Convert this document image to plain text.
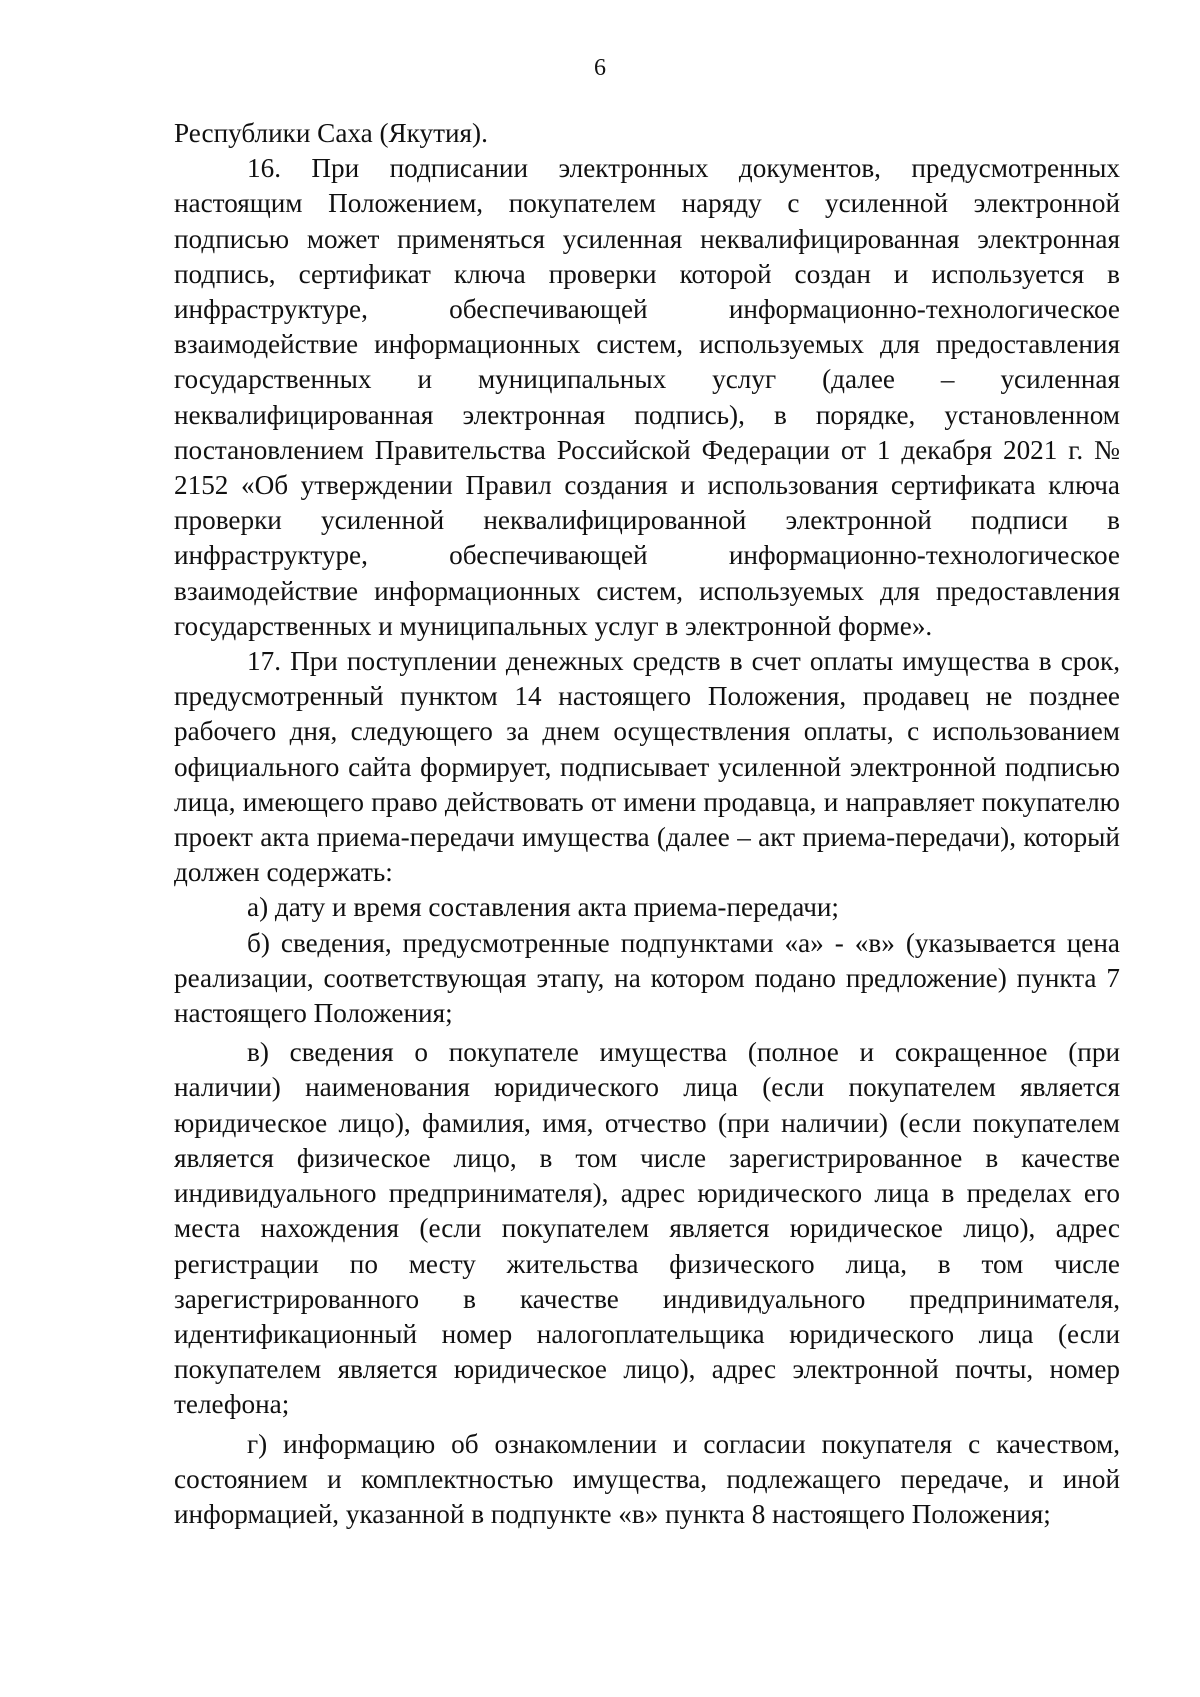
6

Республики Саха (Якутия).

16. При подписании электронных документов, предусмотренных настоящим Положением, покупателем наряду с усиленной электронной подписью может применяться усиленная неквалифицированная электронная подпись, сертификат ключа проверки которой создан и используется в инфраструктуре, обеспечивающей информационно-технологическое взаимодействие информационных систем, используемых для предоставления государственных и муниципальных услуг (далее – усиленная неквалифицированная электронная подпись), в порядке, установленном постановлением Правительства Российской Федерации от 1 декабря 2021 г. № 2152 «Об утверждении Правил создания и использования сертификата ключа проверки усиленной неквалифицированной электронной подписи в инфраструктуре, обеспечивающей информационно-технологическое взаимодействие информационных систем, используемых для предоставления государственных и муниципальных услуг в электронной форме».

17. При поступлении денежных средств в счет оплаты имущества в срок, предусмотренный пунктом 14 настоящего Положения, продавец не позднее рабочего дня, следующего за днем осуществления оплаты, с использованием официального сайта формирует, подписывает усиленной электронной подписью лица, имеющего право действовать от имени продавца, и направляет покупателю проект акта приема-передачи имущества (далее – акт приема-передачи), который должен содержать:

а) дату и время составления акта приема-передачи;

б) сведения, предусмотренные подпунктами «а» - «в» (указывается цена реализации, соответствующая этапу, на котором подано предложение) пункта 7 настоящего Положения;

в) сведения о покупателе имущества (полное и сокращенное (при наличии) наименования юридического лица (если покупателем является юридическое лицо), фамилия, имя, отчество (при наличии) (если покупателем является физическое лицо, в том числе зарегистрированное в качестве индивидуального предпринимателя), адрес юридического лица в пределах его места нахождения (если покупателем является юридическое лицо), адрес регистрации по месту жительства физического лица, в том числе зарегистрированного в качестве индивидуального предпринимателя, идентификационный номер налогоплательщика юридического лица (если покупателем является юридическое лицо), адрес электронной почты, номер телефона;

г) информацию об ознакомлении и согласии покупателя с качеством, состоянием и комплектностью имущества, подлежащего передаче, и иной информацией, указанной в подпункте «в» пункта 8 настоящего Положения;
